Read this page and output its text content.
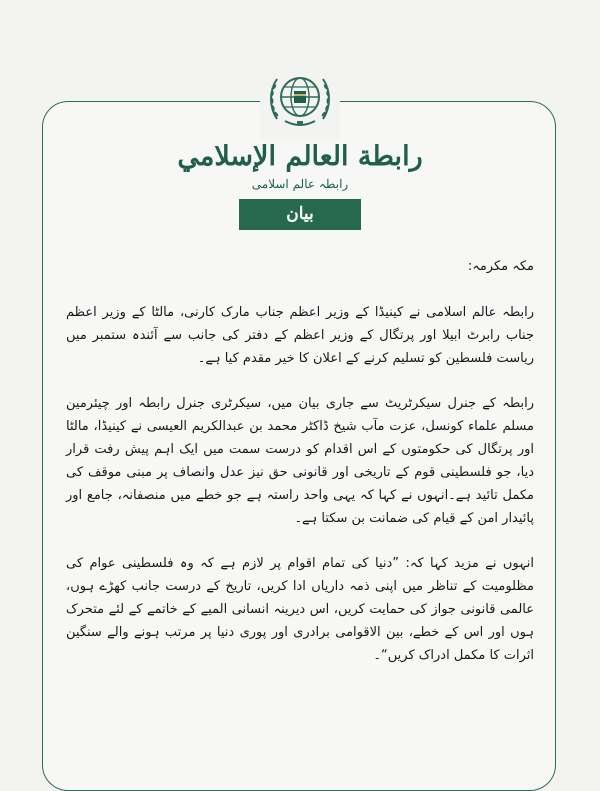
رابطة العالم الإسلامي
رابطہ عالم اسلامی
بیان

مکہ مکرمہ:

رابطہ عالم اسلامی نے کینیڈا کے وزیر اعظم جناب مارک کارنی، مالٹا کے وزیر اعظم جناب رابرٹ ابیلا اور پرتگال کے وزیر اعظم کے دفتر کی جانب سے آئندہ ستمبر میں ریاست فلسطین کو تسلیم کرنے کے اعلان کا خیر مقدم کیا ہے۔

رابطہ کے جنرل سیکرٹریٹ سے جاری بیان میں، سیکرٹری جنرل رابطہ اور چیئرمین مسلم علماء کونسل، عزت مآب شیخ ڈاکٹر محمد بن عبدالکریم العیسی نے کینیڈا، مالٹا اور پرتگال کی حکومتوں کے اس اقدام کو درست سمت میں ایک اہم پیش رفت قرار دیا، جو فلسطینی قوم کے تاریخی اور قانونی حق نیز عدل وانصاف پر مبنی موقف کی مکمل تائید ہے۔انہوں نے کہا کہ یہی واحد راستہ ہے جو خطے میں منصفانہ، جامع اور پائیدار امن کے قیام کی ضمانت بن سکتا ہے۔

انہوں نے مزید کہا کہ: ”دنیا کی تمام اقوام پر لازم ہے کہ وہ فلسطینی عوام کی مظلومیت کے تناظر میں اپنی ذمہ داریاں ادا کریں، تاریخ کے درست جانب کھڑے ہوں، عالمی قانونی جواز کی حمایت کریں، اس دیرینہ انسانی المیے کے خاتمے کے لئے متحرک ہوں اور اس کے خطے، بین الاقوامی برادری اور پوری دنیا پر مرتب ہونے والے سنگین اثرات کا مکمل ادراک کریں“۔
